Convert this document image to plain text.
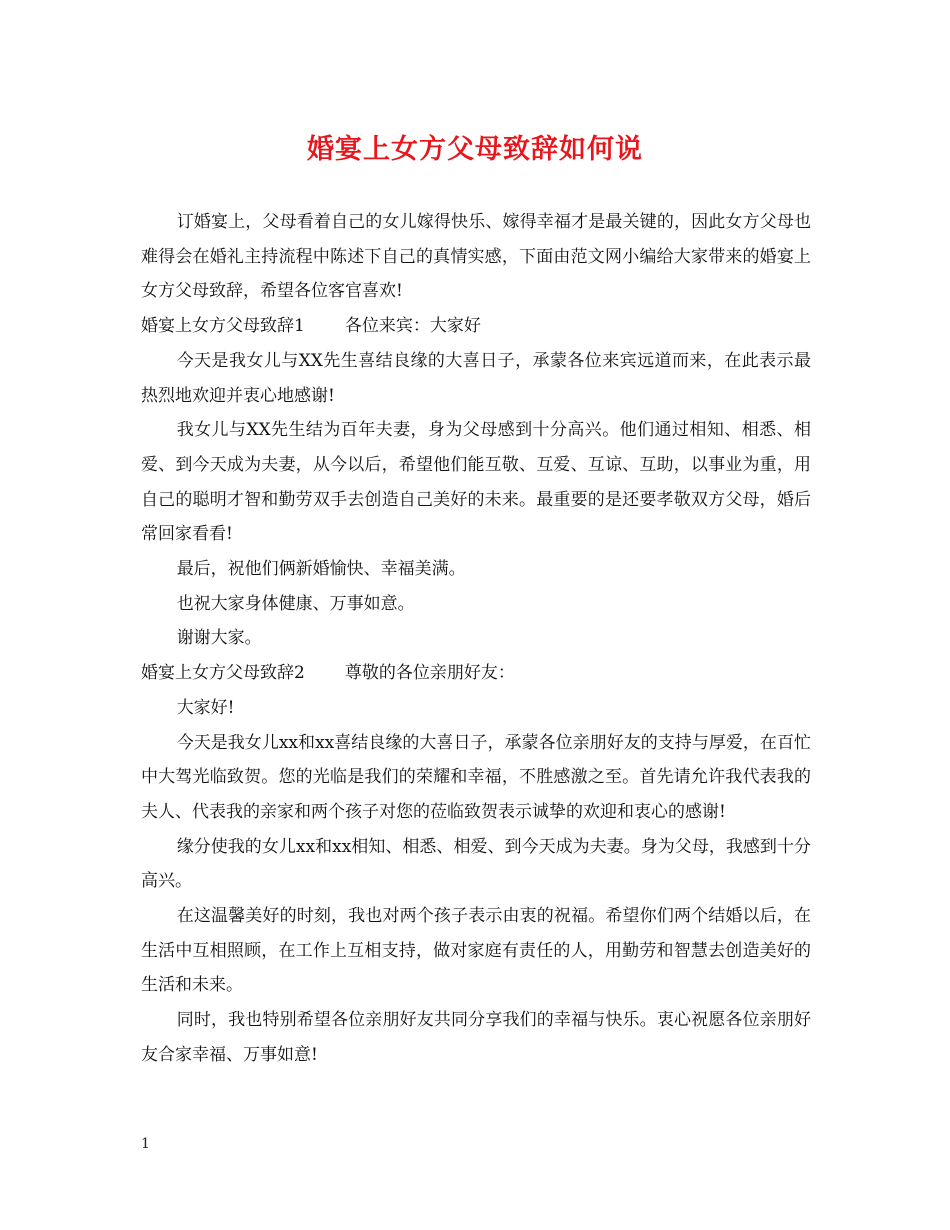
婚宴上女方父母致辞如何说

订婚宴上，父母看着自己的女儿嫁得快乐、嫁得幸福才是最关键的，因此女方父母也难得会在婚礼主持流程中陈述下自己的真情实感，下面由范文网小编给大家带来的婚宴上女方父母致辞，希望各位客官喜欢!

婚宴上女方父母致辞1 各位来宾：大家好

今天是我女儿与XX先生喜结良缘的大喜日子，承蒙各位来宾远道而来，在此表示最热烈地欢迎并衷心地感谢!

我女儿与XX先生结为百年夫妻，身为父母感到十分高兴。他们通过相知、相悉、相爱、到今天成为夫妻，从今以后，希望他们能互敬、互爱、互谅、互助，以事业为重，用自己的聪明才智和勤劳双手去创造自己美好的未来。最重要的是还要孝敬双方父母，婚后常回家看看!

最后，祝他们俩新婚愉快、幸福美满。

也祝大家身体健康、万事如意。

谢谢大家。

婚宴上女方父母致辞2 尊敬的各位亲朋好友：

大家好!

今天是我女儿xx和xx喜结良缘的大喜日子，承蒙各位亲朋好友的支持与厚爱，在百忙中大驾光临致贺。您的光临是我们的荣耀和幸福，不胜感激之至。首先请允许我代表我的夫人、代表我的亲家和两个孩子对您的莅临致贺表示诚挚的欢迎和衷心的感谢!

缘分使我的女儿xx和xx相知、相悉、相爱、到今天成为夫妻。身为父母，我感到十分高兴。

在这温馨美好的时刻，我也对两个孩子表示由衷的祝福。希望你们两个结婚以后，在生活中互相照顾，在工作上互相支持，做对家庭有责任的人，用勤劳和智慧去创造美好的生活和未来。

同时，我也特别希望各位亲朋好友共同分享我们的幸福与快乐。衷心祝愿各位亲朋好友合家幸福、万事如意!

1
